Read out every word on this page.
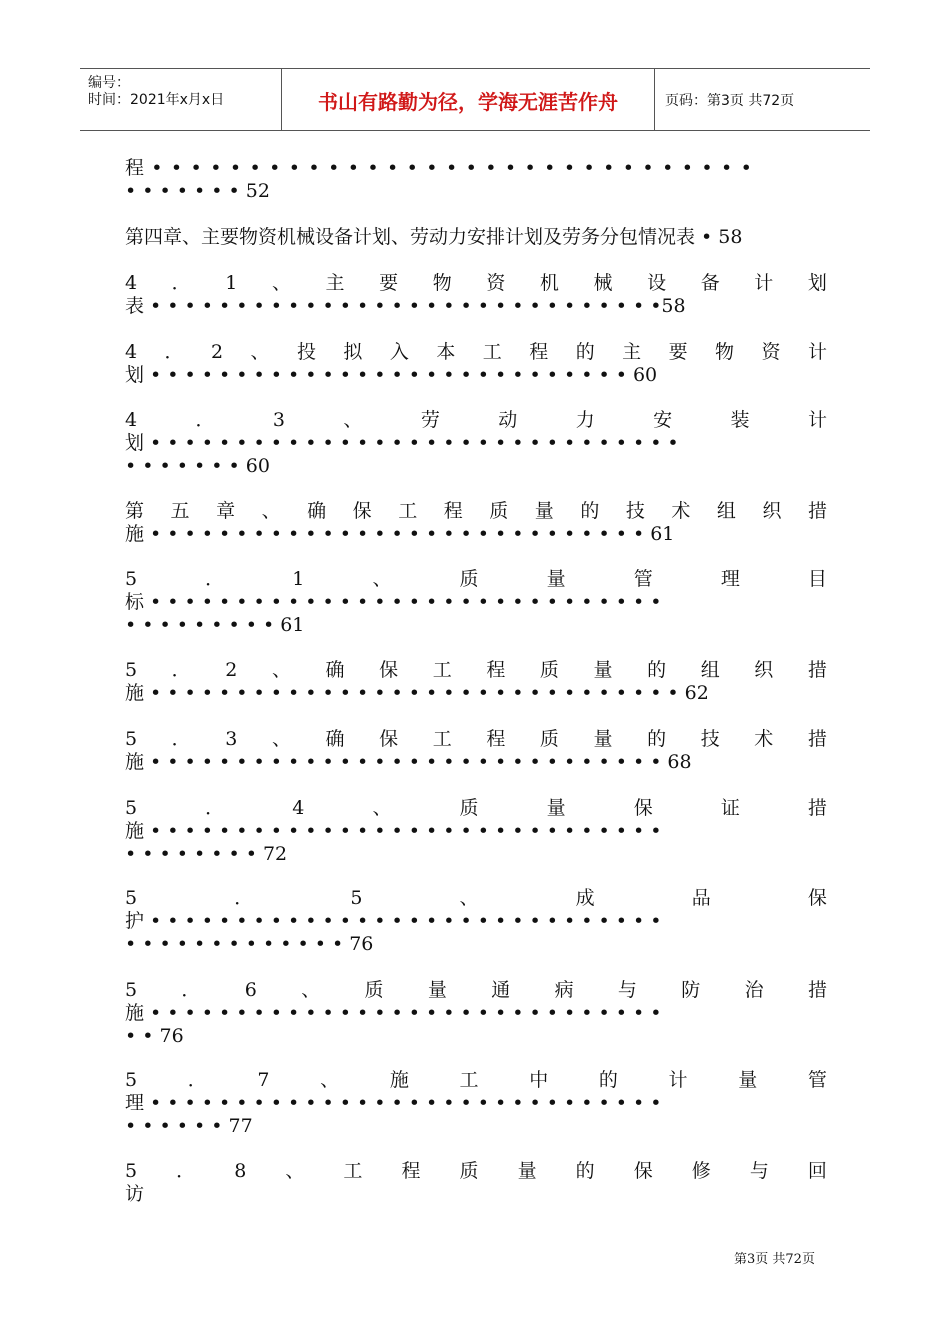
编号：
时间：2021年x月x日	书山有路勤为径，学海无涯苦作舟	页码：第3页 共72页
程 • • • • • • • • • • • • • • • • • • • • • • • • • • • • • • •
• • • • • • • 52
第四章、主要物资机械设备计划、劳动力安排计划及劳务分包情况表 • 58
4 ． 1 、 主 要 物 资 机 械 设 备 计 划
表 • • • • • • • • • • • • • • • • • • • • • • • • • • • • • •58
4 ． 2 、 投 拟 入 本 工 程 的 主 要 物 资 计
划 • • • • • • • • • • • • • • • • • • • • • • • • • • • • 60
4	．	3	、	劳	动	力	安	装	计
划 • • • • • • • • • • • • • • • • • • • • • • • • • • • • • • •
• • • • • • • 60
第 五 章 、 确 保 工 程 质 量 的 技 术 组 织 措
施 • • • • • • • • • • • • • • • • • • • • • • • • • • • • • 61
5	．	1	、	质	量	管	理	目
标 • • • • • • • • • • • • • • • • • • • • • • • • • • • • • •
• • • • • • • • • 61
5 ． 2 、 确 保 工 程 质 量 的 组 织 措
施 • • • • • • • • • • • • • • • • • • • • • • • • • • • • • • • 62
5 ． 3 、 确 保 工 程 质 量 的 技 术 措
施 • • • • • • • • • • • • • • • • • • • • • • • • • • • • • • 68
5	．	4	、	质	量	保	证	措
施 • • • • • • • • • • • • • • • • • • • • • • • • • • • • • •
• • • • • • • • 72
5	．	5	、	成	品	保
护 • • • • • • • • • • • • • • • • • • • • • • • • • • • • • •
• • • • • • • • • • • • • 76
5 ． 6 、 质 量 通 病 与 防 治 措
施 • • • • • • • • • • • • • • • • • • • • • • • • • • • • • •
• • 76
5	．	7	、	施	工	中	的	计	量	管
理 • • • • • • • • • • • • • • • • • • • • • • • • • • • • • •
• • • • • • 77
5 ． 8 、 工 程 质 量 的 保 修 与 回
访
第3页 共72页
